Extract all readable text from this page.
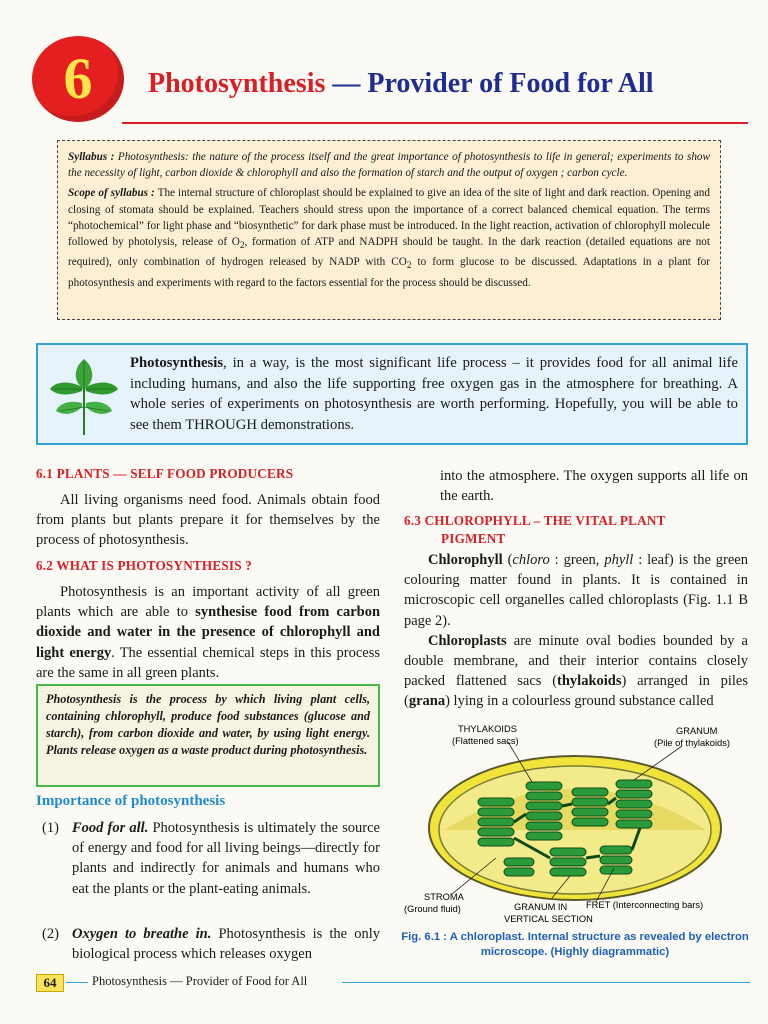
6	Photosynthesis — Provider of Food for All

Syllabus : Photosynthesis: the nature of the process itself and the great importance of photosynthesis to life in general; experiments to show the necessity of light, carbon dioxide & chlorophyll and also the formation of starch and the output of oxygen ; carbon cycle.

Scope of syllabus : The internal structure of chloroplast should be explained to give an idea of the site of light and dark reaction. Opening and closing of stomata should be explained. Teachers should stress upon the importance of a correct balanced chemical equation. The terms “photochemical” for light phase and “biosynthetic” for dark phase must be introduced. In the light reaction, activation of chlorophyll molecule followed by photolysis, release of $O_2$, formation of ATP and NADPH should be taught. In the dark reaction (detailed equations are not required), only combination of hydrogen released by NADP with $CO_2$ to form glucose to be discussed. Adaptations in a plant for photosynthesis and experiments with regard to the factors essential for the process should be discussed.

Photosynthesis, in a way, is the most significant life process – it provides food for all animal life including humans, and also the life supporting free oxygen gas in the atmosphere for breathing. A whole series of experiments on photosynthesis are worth performing. Hopefully, you will be able to see them THROUGH demonstrations.
6.1 PLANTS — SELF FOOD PRODUCERS

All living organisms need food. Animals obtain food from plants but plants prepare it for themselves by the process of photosynthesis.

6.2 WHAT IS PHOTOSYNTHESIS ?

Photosynthesis is an important activity of all green plants which are able to synthesise food from carbon dioxide and water in the presence of chlorophyll and light energy. The essential chemical steps in this process are the same in all green plants.

Photosynthesis is the process by which living plant cells, containing chlorophyll, produce food substances (glucose and starch), from carbon dioxide and water, by using light energy. Plants release oxygen as a waste product during photosynthesis.
Importance of photosynthesis
(1) Food for all. Photosynthesis is ultimately the source of energy and food for all living beings—directly for plants and indirectly for animals and humans who eat the plants or the plant-eating animals.

(2) Oxygen to breathe in. Photosynthesis is the only biological process which releases oxygen

into the atmosphere. The oxygen supports all life on the earth.

6.3 CHLOROPHYLL – THE VITAL PLANT
PIGMENT

Chlorophyll (chloro : green, phyll : leaf) is the green colouring matter found in plants. It is contained in microscopic cell organelles called chloroplasts (Fig. 1.1 B page 2).

Chloroplasts are minute oval bodies bounded by a double membrane, and their interior contains closely packed flattened sacs (thylakoids) arranged in piles (grana) lying in a colourless ground substance called

THYLAKOIDS
(Flattened sacs)
GRANUM
(Pile of thylakoids)
STROMA
(Ground fluid)	GRANUM IN
VERTICAL SECTION
FRET (Interconnecting bars)
Fig. 6.1 : A chloroplast. Internal structure as revealed by electron microscope. (Highly diagrammatic)
64	Photosynthesis — Provider of Food for All
